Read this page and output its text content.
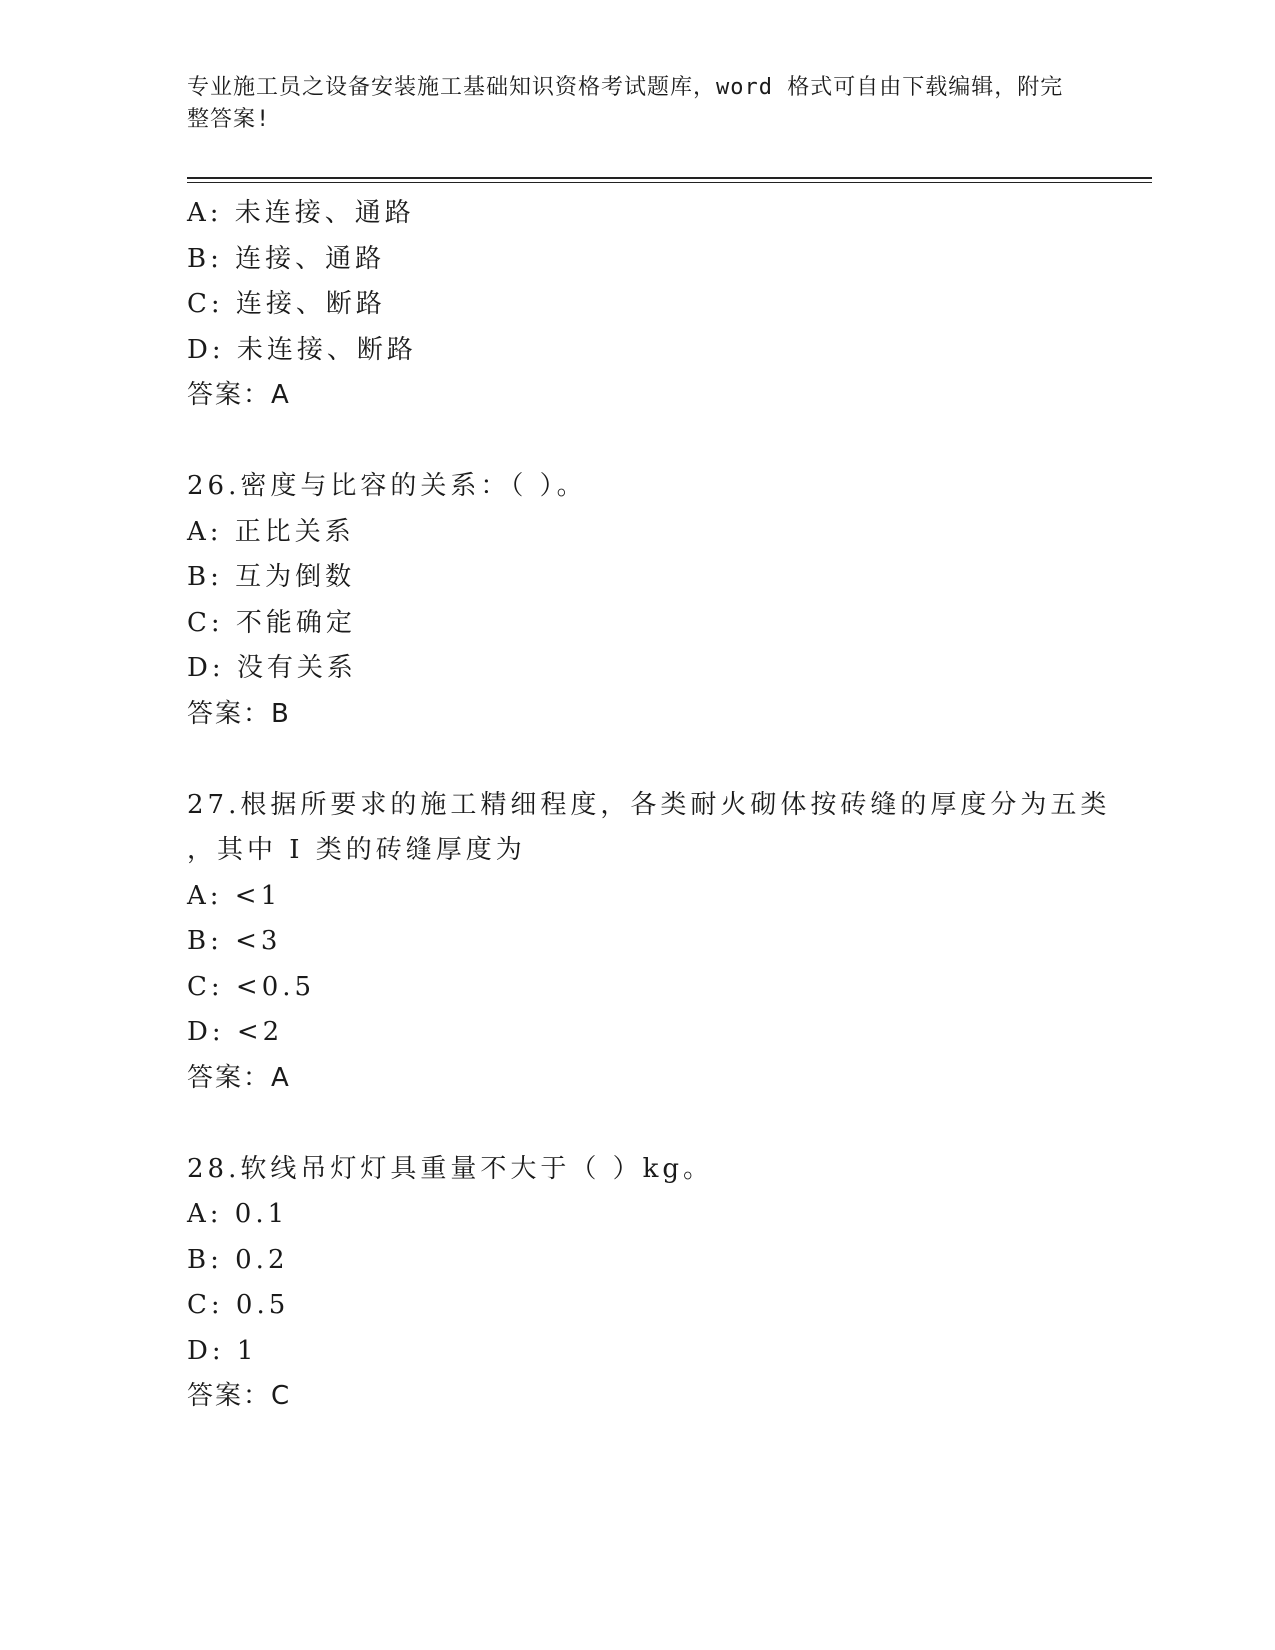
专业施工员之设备安装施工基础知识资格考试题库，word 格式可自由下载编辑，附完整答案!
A: 未连接、通路
B: 连接、通路
C: 连接、断路
D: 未连接、断路
答案：A
26.密度与比容的关系：（ ）。
A: 正比关系
B: 互为倒数
C: 不能确定
D: 没有关系
答案：B
27.根据所要求的施工精细程度，各类耐火砌体按砖缝的厚度分为五类
，其中 I 类的砖缝厚度为
A: <1
B: <3
C: <0.5
D: <2
答案：A
28.软线吊灯灯具重量不大于（ ）kg。
A: 0.1
B: 0.2
C: 0.5
D: 1
答案：C
